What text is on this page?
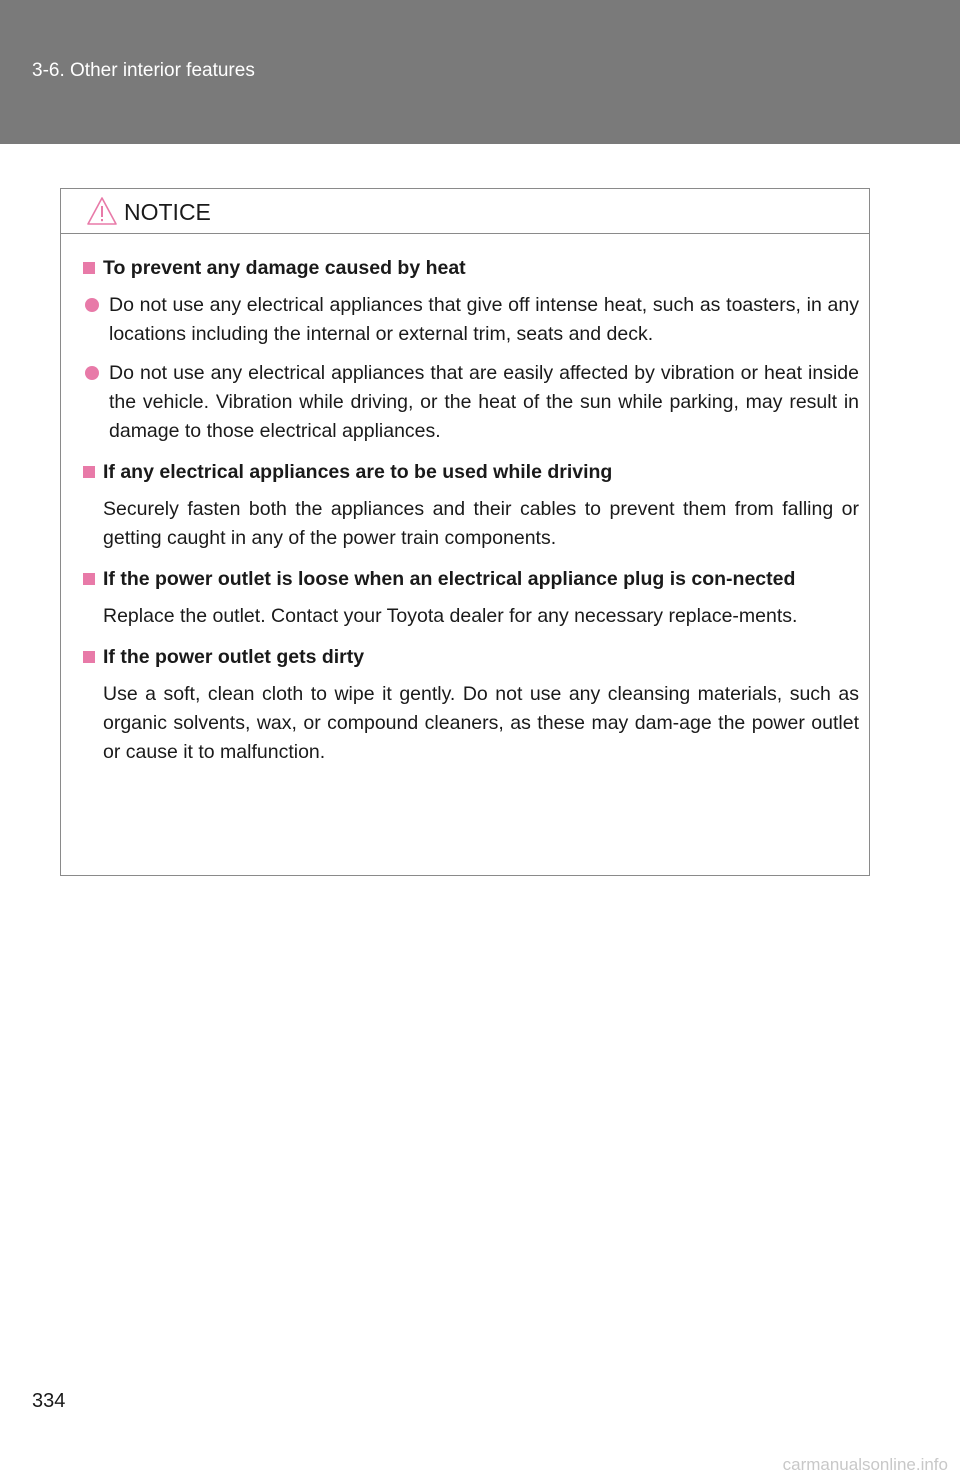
3-6. Other interior features
NOTICE
To prevent any damage caused by heat
Do not use any electrical appliances that give off intense heat, such as toasters, in any locations including the internal or external trim, seats and deck.
Do not use any electrical appliances that are easily affected by vibration or heat inside the vehicle. Vibration while driving, or the heat of the sun while parking, may result in damage to those electrical appliances.
If any electrical appliances are to be used while driving
Securely fasten both the appliances and their cables to prevent them from falling or getting caught in any of the power train components.
If the power outlet is loose when an electrical appliance plug is con-nected
Replace the outlet. Contact your Toyota dealer for any necessary replace-ments.
If the power outlet gets dirty
Use a soft, clean cloth to wipe it gently. Do not use any cleansing materials, such as organic solvents, wax, or compound cleaners, as these may dam-age the power outlet or cause it to malfunction.
334
carmanualsonline.info
